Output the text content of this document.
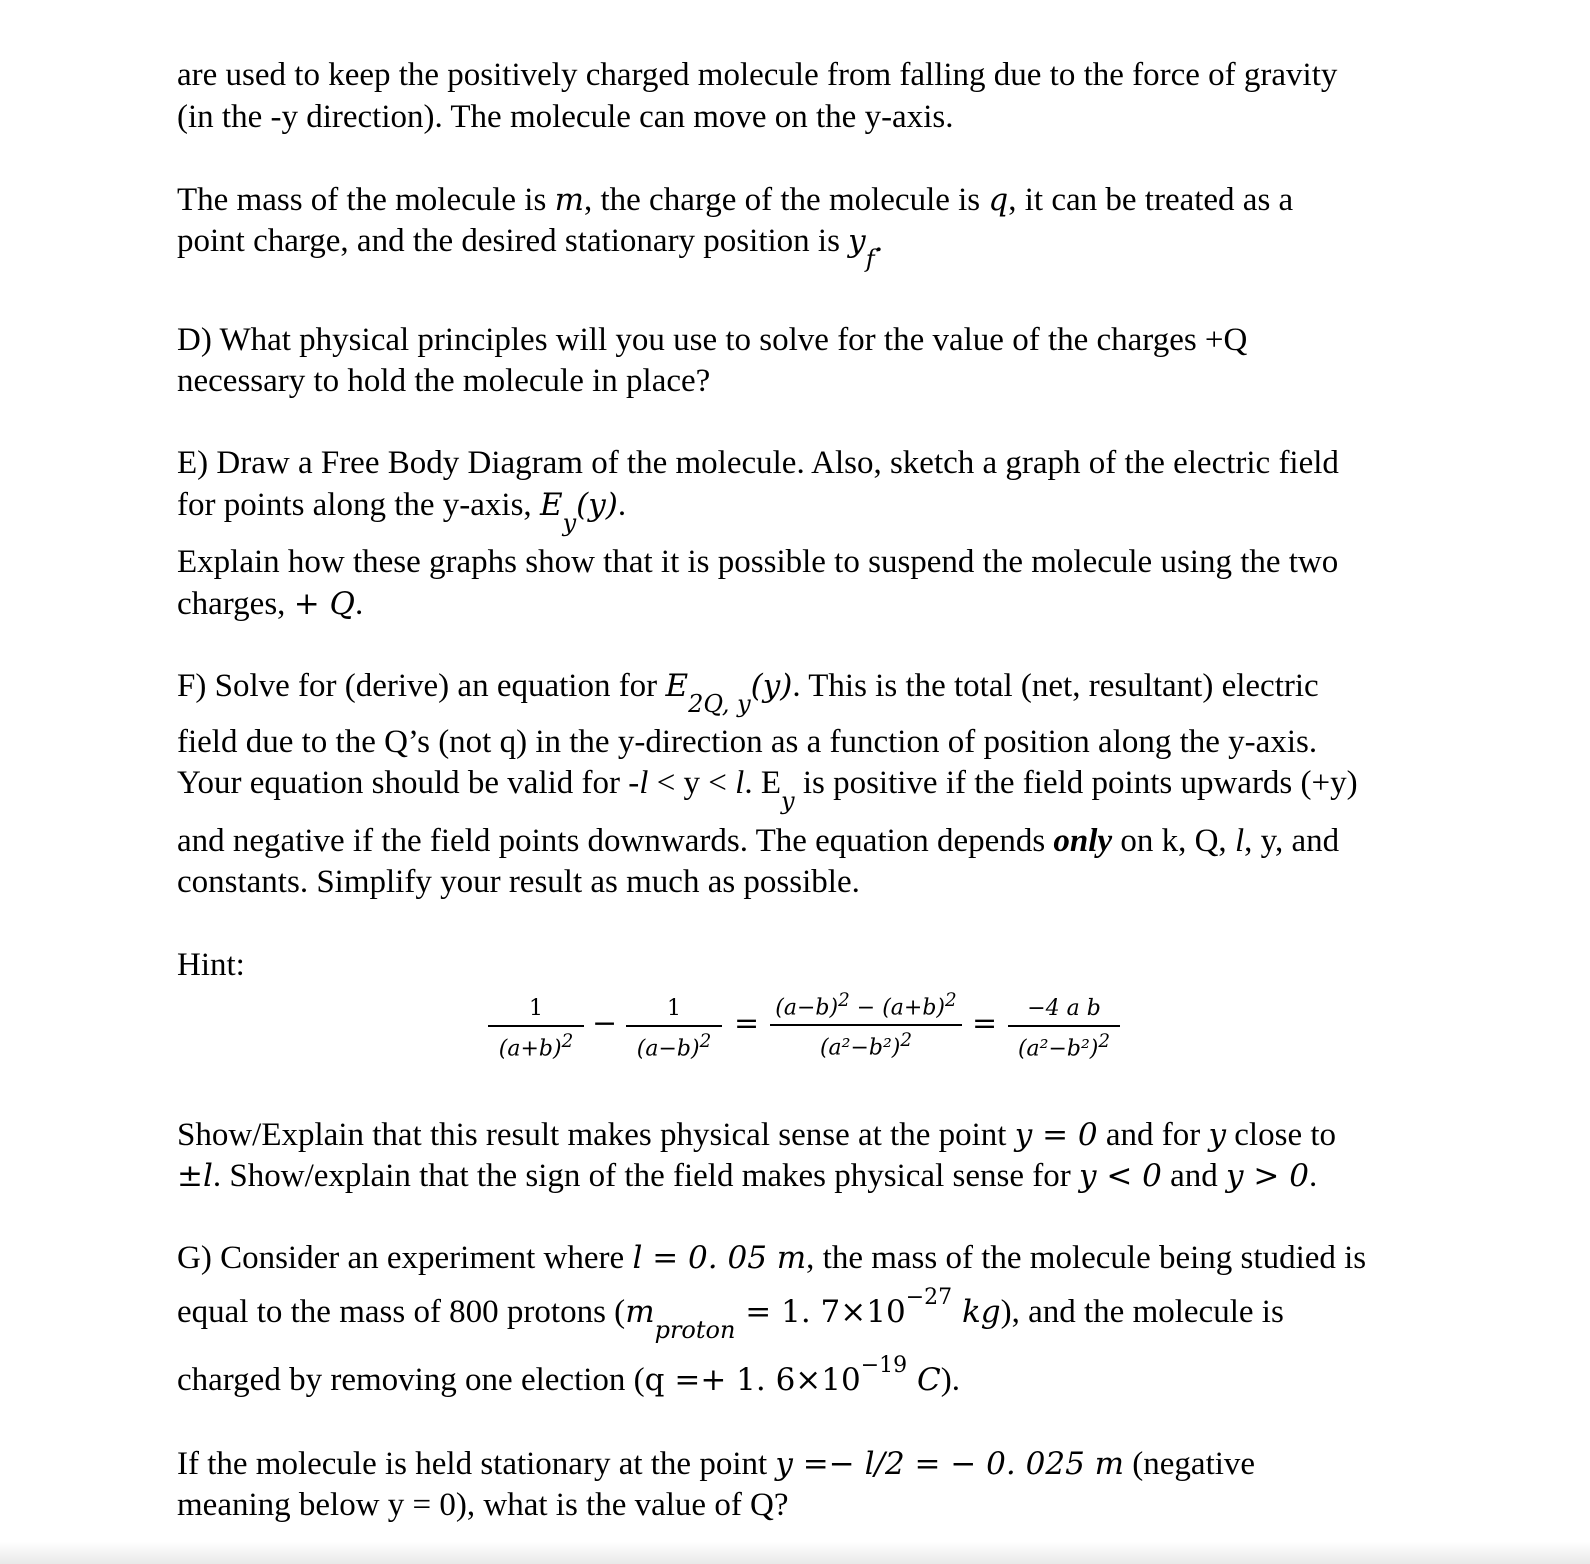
are used to keep the positively charged molecule from falling due to the force of gravity
(in the -y direction). The molecule can move on the y-axis.
The mass of the molecule is m, the charge of the molecule is q, it can be treated as a
point charge, and the desired stationary position is $y_f$.
D) What physical principles will you use to solve for the value of the charges +Q
necessary to hold the molecule in place?
E) Draw a Free Body Diagram of the molecule. Also, sketch a graph of the electric field
for points along the y-axis, $E_y(y)$.
Explain how these graphs show that it is possible to suspend the molecule using the two
charges, + Q.
F) Solve for (derive) an equation for $E_{2Q, y}(y)$. This is the total (net, resultant) electric
field due to the Q’s (not q) in the y-direction as a function of position along the y-axis.
Your equation should be valid for -l < y < l. $E_y$ is positive if the field points upwards (+y)
and negative if the field points downwards. The equation depends only on k, Q, l, y, and
constants. Simplify your result as much as possible.
Hint:
$\frac{1}{(a+b)^2} - \frac{1}{(a-b)^2} = \frac{(a-b)^2 - (a+b)^2}{(a^2-b^2)^2} = \frac{\text{−4 a b}}{(a^2-b^2)^2}$
Show/Explain that this result makes physical sense at the point y = 0 and for y close to
±l. Show/explain that the sign of the field makes physical sense for y < 0 and y > 0.
G) Consider an experiment where l = 0. 05 m, the mass of the molecule being studied is
equal to the mass of 800 protons ($m_{proton} = 1$. $7\times 10^{-27}$ kg), and the molecule is
charged by removing one election (q =+ 1. $6\times 10^{-19}$ C).
If the molecule is held stationary at the point y =− l/2 = − 0. 025 m (negative
meaning below y = 0), what is the value of Q?
